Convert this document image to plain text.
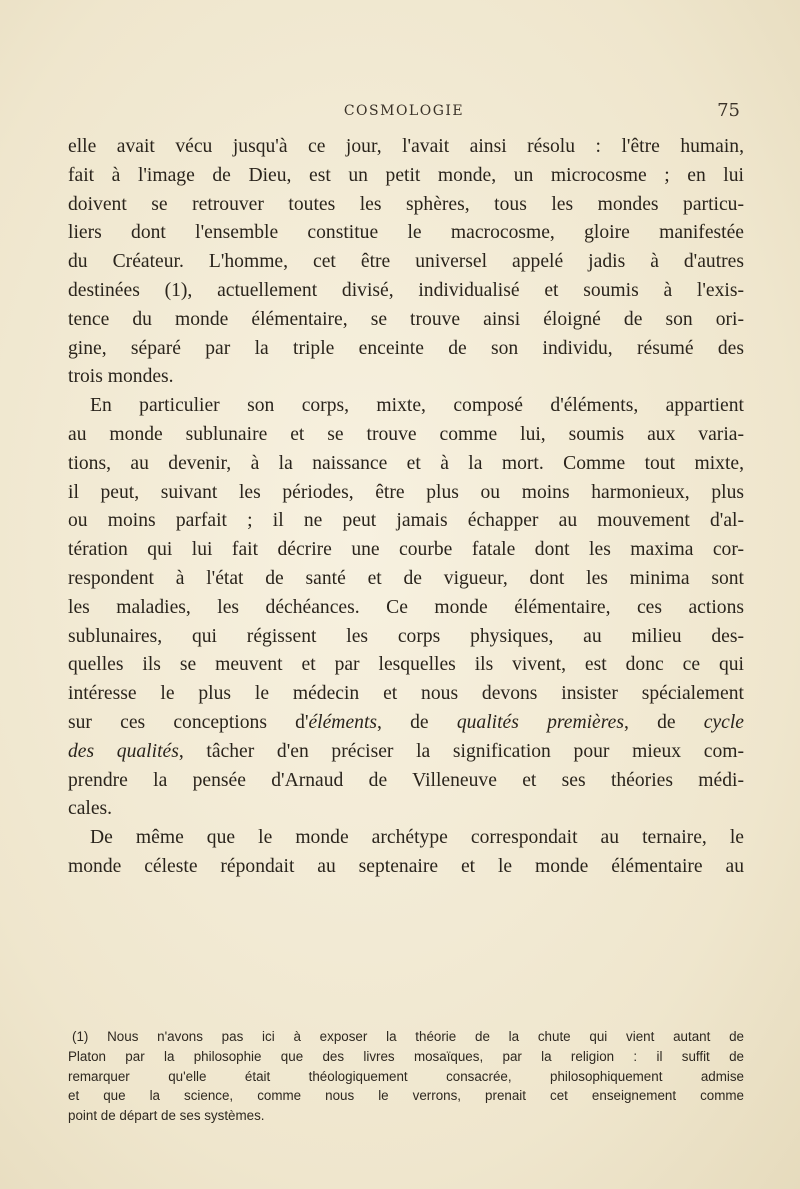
COSMOLOGIE	75
elle avait vécu jusqu'à ce jour, l'avait ainsi résolu : l'être humain,
fait à l'image de Dieu, est un petit monde, un microcosme ; en lui
doivent se retrouver toutes les sphères, tous les mondes particu-
liers dont l'ensemble constitue le macrocosme, gloire manifestée
du Créateur. L'homme, cet être universel appelé jadis à d'autres
destinées (1), actuellement divisé, individualisé et soumis à l'exis-
tence du monde élémentaire, se trouve ainsi éloigné de son ori-
gine, séparé par la triple enceinte de son individu, résumé des
trois mondes.
En particulier son corps, mixte, composé d'éléments, appartient
au monde sublunaire et se trouve comme lui, soumis aux varia-
tions, au devenir, à la naissance et à la mort. Comme tout mixte,
il peut, suivant les périodes, être plus ou moins harmonieux, plus
ou moins parfait ; il ne peut jamais échapper au mouvement d'al-
tération qui lui fait décrire une courbe fatale dont les maxima cor-
respondent à l'état de santé et de vigueur, dont les minima sont
les maladies, les déchéances. Ce monde élémentaire, ces actions
sublunaires, qui régissent les corps physiques, au milieu des-
quelles ils se meuvent et par lesquelles ils vivent, est donc ce qui
intéresse le plus le médecin et nous devons insister spécialement
sur ces conceptions d'éléments, de qualités premières, de cycle
des qualités, tâcher d'en préciser la signification pour mieux com-
prendre la pensée d'Arnaud de Villeneuve et ses théories médi-
cales.
De même que le monde archétype correspondait au ternaire, le
monde céleste répondait au septenaire et le monde élémentaire au
(1) Nous n'avons pas ici à exposer la théorie de la chute qui vient autant de
Platon par la philosophie que des livres mosaïques, par la religion : il suffit de
remarquer qu'elle était théologiquement consacrée, philosophiquement admise
et que la science, comme nous le verrons, prenait cet enseignement comme
point de départ de ses systèmes.
